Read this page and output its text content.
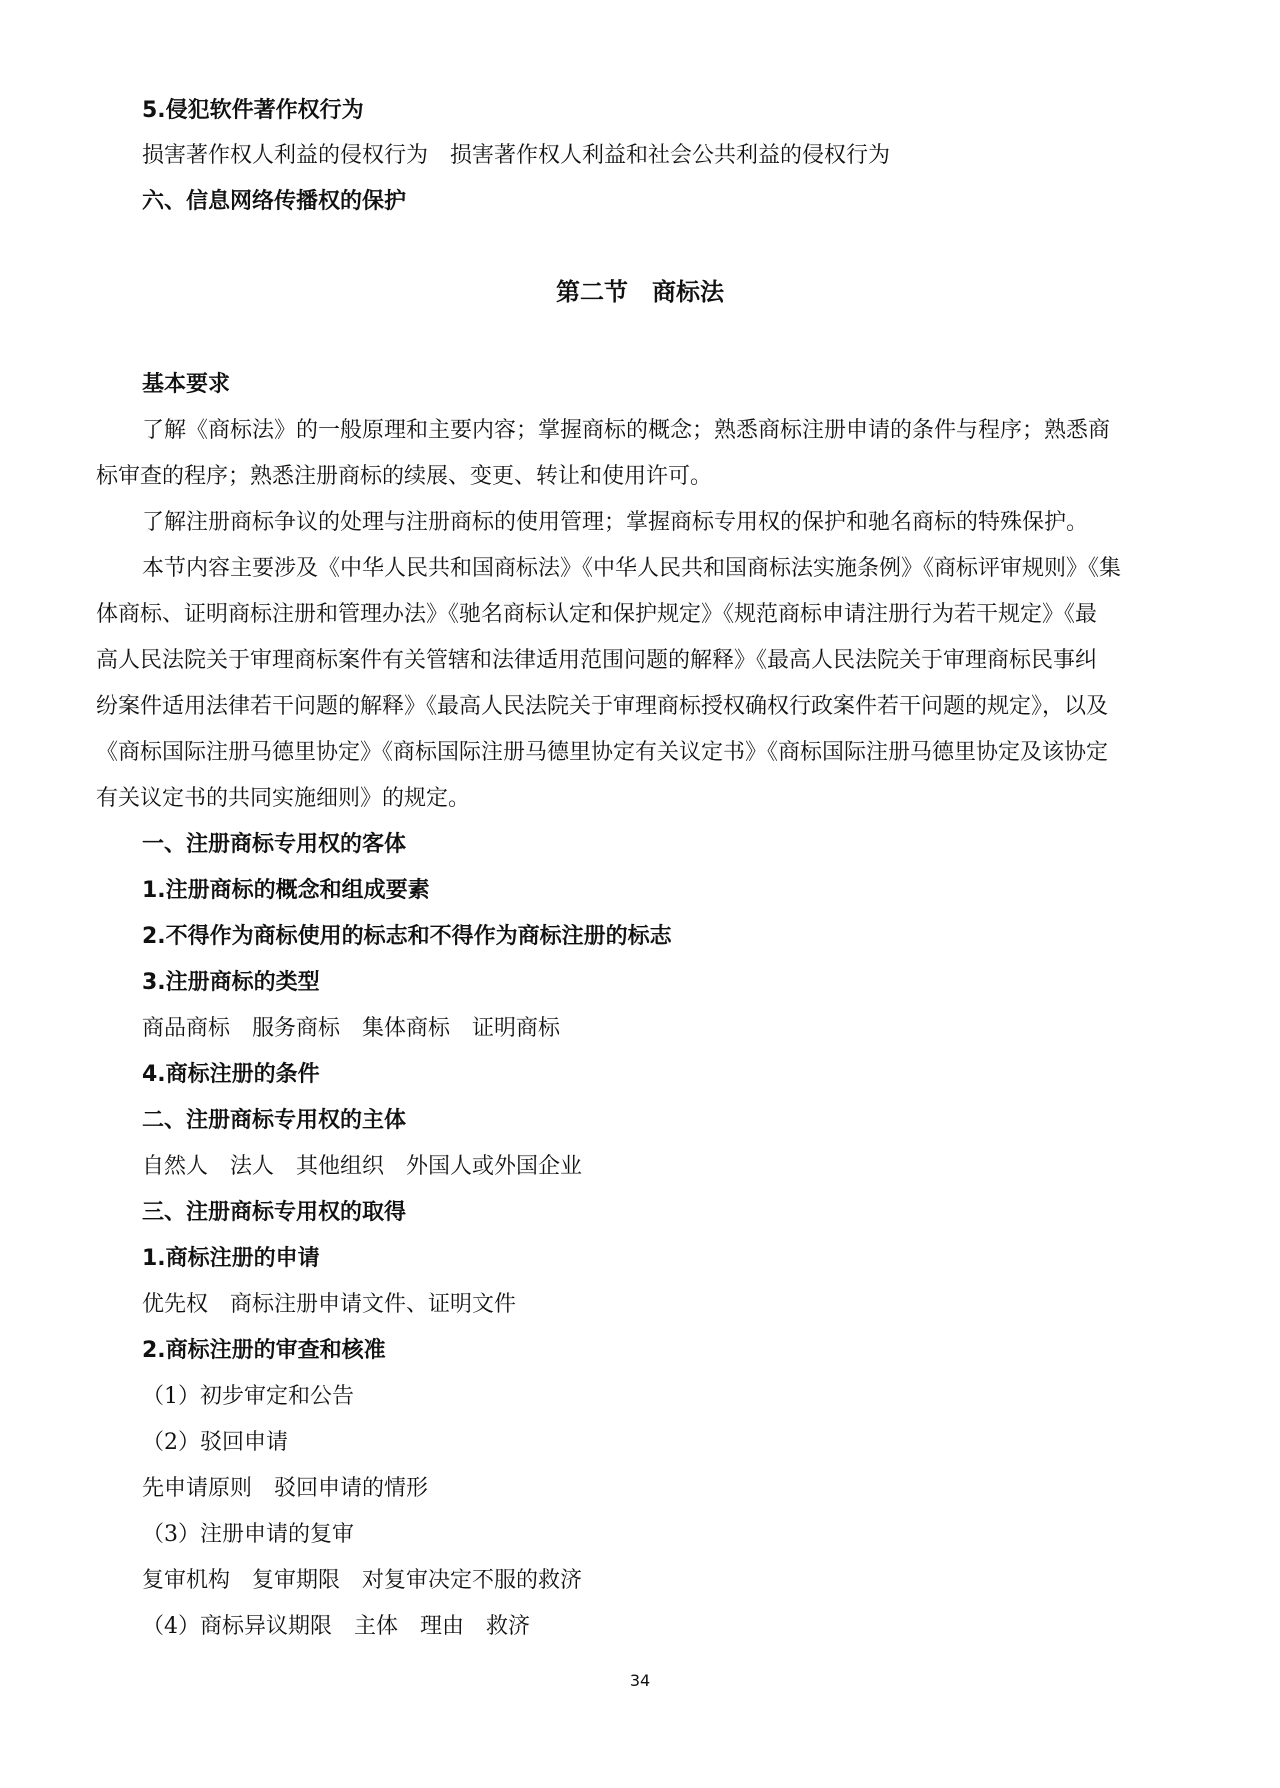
5.侵犯软件著作权行为
损害著作权人利益的侵权行为　损害著作权人利益和社会公共利益的侵权行为
六、信息网络传播权的保护
第二节　商标法
基本要求
了解《商标法》的一般原理和主要内容；掌握商标的概念；熟悉商标注册申请的条件与程序；熟悉商
标审查的程序；熟悉注册商标的续展、变更、转让和使用许可。
了解注册商标争议的处理与注册商标的使用管理；掌握商标专用权的保护和驰名商标的特殊保护。
本节内容主要涉及《中华人民共和国商标法》《中华人民共和国商标法实施条例》《商标评审规则》《集
体商标、证明商标注册和管理办法》《驰名商标认定和保护规定》《规范商标申请注册行为若干规定》《最
高人民法院关于审理商标案件有关管辖和法律适用范围问题的解释》《最高人民法院关于审理商标民事纠
纷案件适用法律若干问题的解释》《最高人民法院关于审理商标授权确权行政案件若干问题的规定》，以及
《商标国际注册马德里协定》《商标国际注册马德里协定有关议定书》《商标国际注册马德里协定及该协定
有关议定书的共同实施细则》的规定。
一、注册商标专用权的客体
1.注册商标的概念和组成要素
2.不得作为商标使用的标志和不得作为商标注册的标志
3.注册商标的类型
商品商标　服务商标　集体商标　证明商标
4.商标注册的条件
二、注册商标专用权的主体
自然人　法人　其他组织　外国人或外国企业
三、注册商标专用权的取得
1.商标注册的申请
优先权　商标注册申请文件、证明文件
2.商标注册的审查和核准
（1）初步审定和公告
（2）驳回申请
先申请原则　驳回申请的情形
（3）注册申请的复审
复审机构　复审期限　对复审决定不服的救济
（4）商标异议期限　主体　理由　救济
34
